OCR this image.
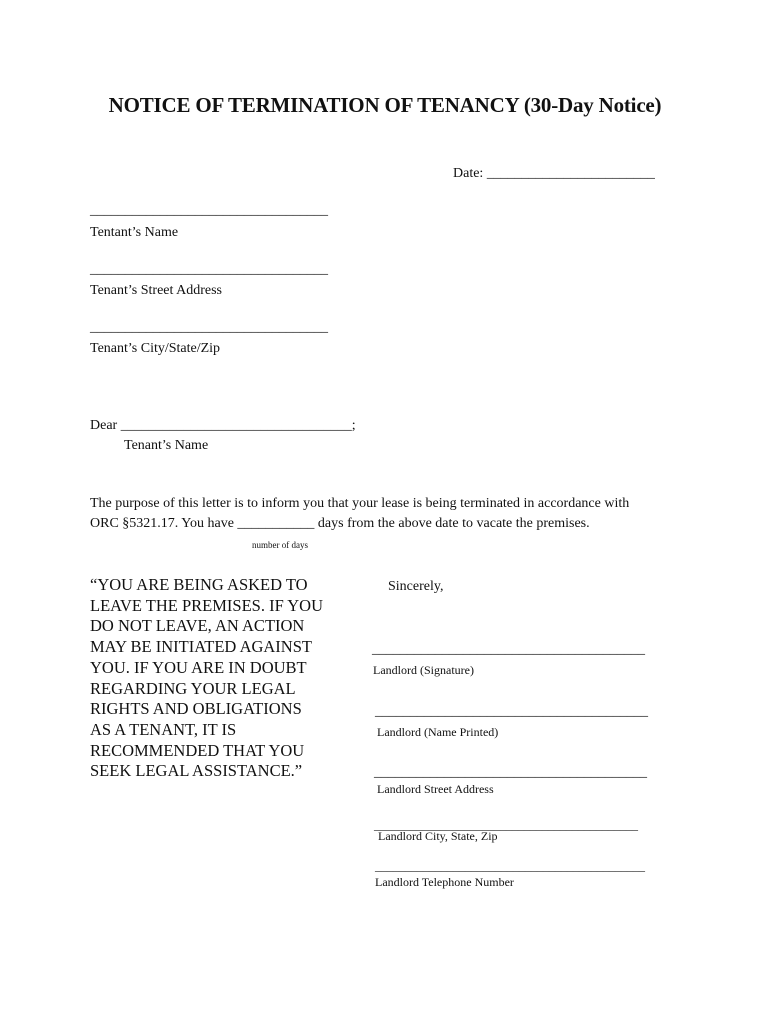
NOTICE OF TERMINATION OF TENANCY (30-Day Notice)
Date: ________________________
__________________________________
Tentant’s Name
__________________________________
Tenant’s Street Address
__________________________________
Tenant’s City/State/Zip
Dear _________________________________;
Tenant’s Name
The purpose of this letter is to inform you that your lease is being terminated in accordance with
ORC §5321.17. You have ___________ days from the above date to vacate the premises.
number of days
“YOU ARE BEING ASKED TO
LEAVE THE PREMISES. IF YOU
DO NOT LEAVE, AN ACTION
MAY BE INITIATED AGAINST
YOU. IF YOU ARE IN DOUBT
REGARDING YOUR LEGAL
RIGHTS AND OBLIGATIONS
AS A TENANT, IT IS
RECOMMENDED THAT YOU
SEEK LEGAL ASSISTANCE.”
Sincerely,
_______________________________________
Landlord (Signature)
_______________________________________
Landlord (Name Printed)
_______________________________________
Landlord Street Address
____________________________________________
Landlord City, State, Zip
_____________________________________________
Landlord Telephone Number
